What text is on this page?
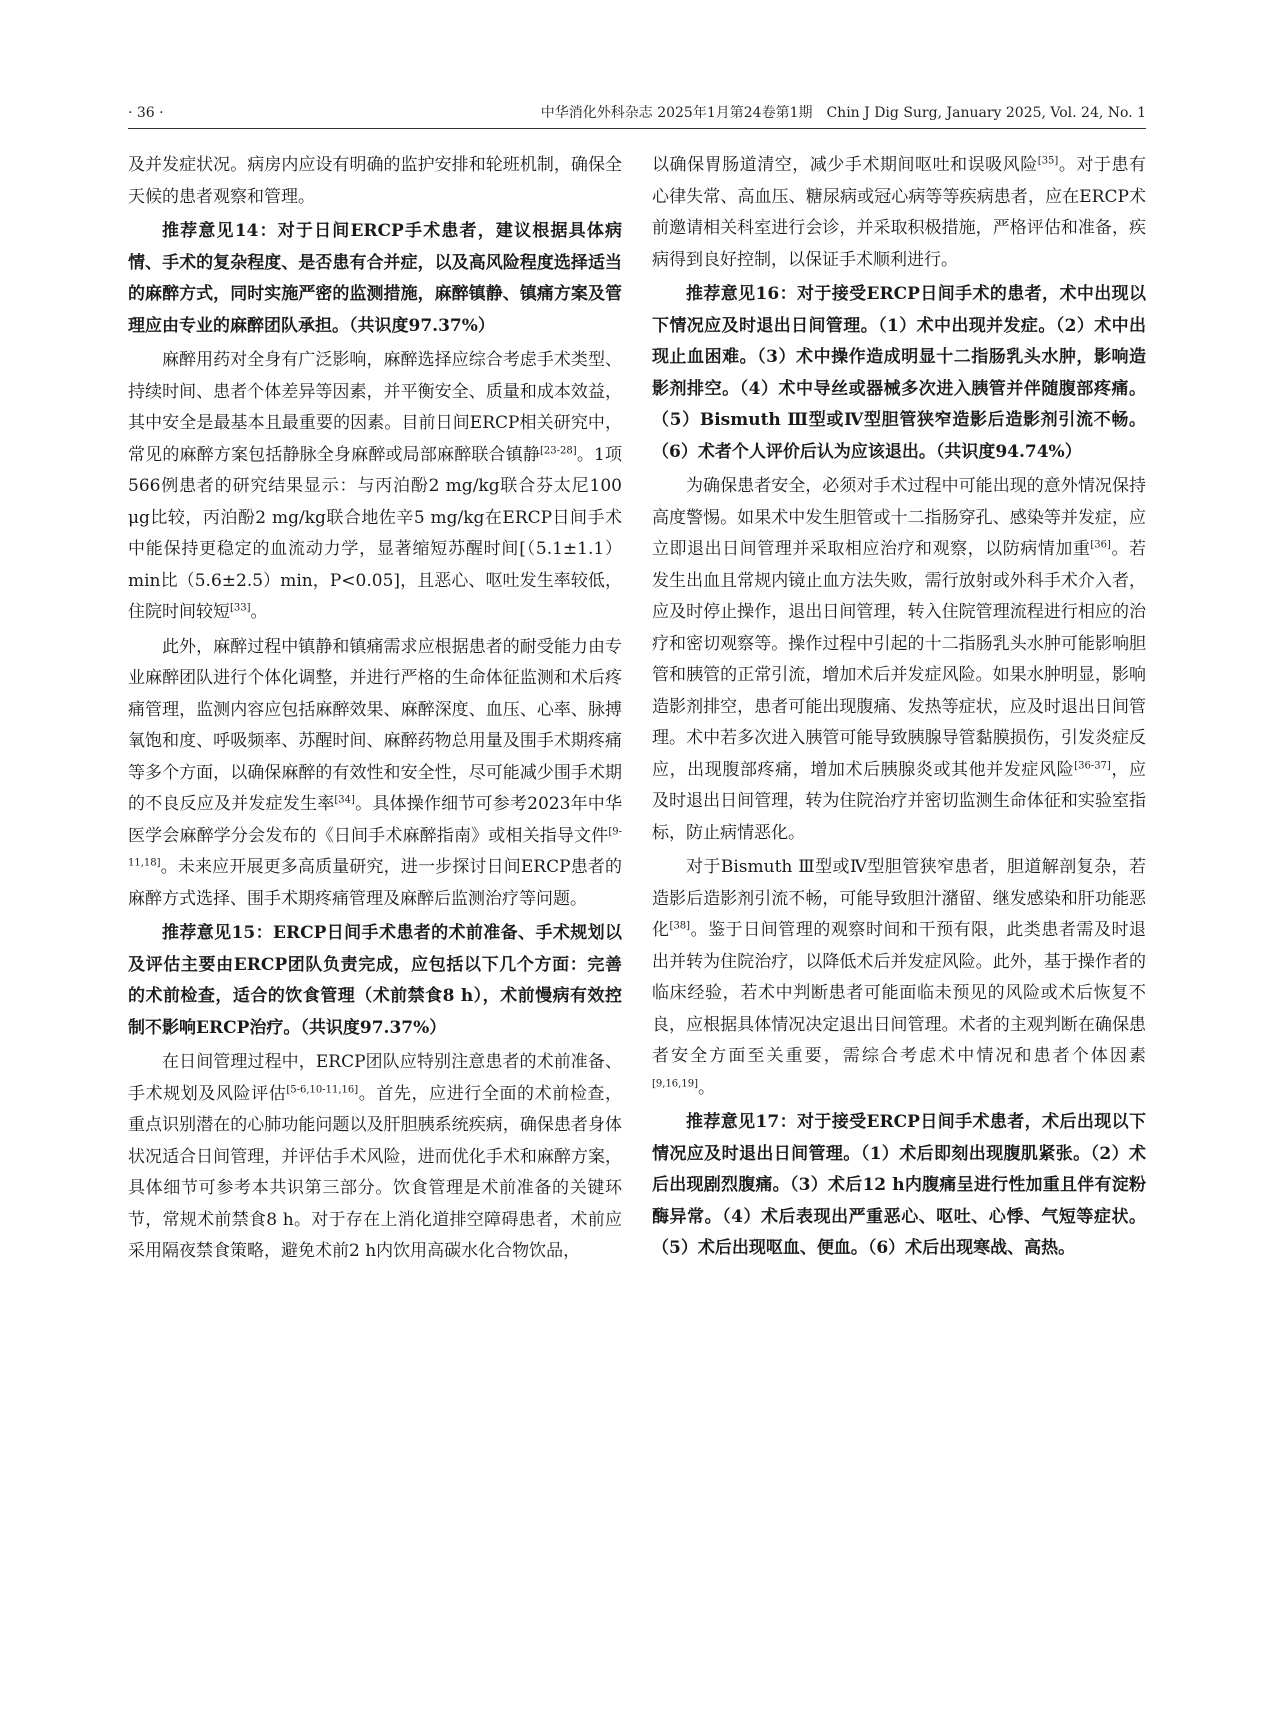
· 36 ·	中华消化外科杂志 2025年1月第24卷第1期　Chin J Dig Surg, January 2025, Vol. 24, No. 1

及并发症状况。病房内应设有明确的监护安排和轮班机制，确保全天候的患者观察和管理。

推荐意见14：对于日间ERCP手术患者，建议根据具体病情、手术的复杂程度、是否患有合并症，以及高风险程度选择适当的麻醉方式，同时实施严密的监测措施，麻醉镇静、镇痛方案及管理应由专业的麻醉团队承担。（共识度97.37%）

麻醉用药对全身有广泛影响，麻醉选择应综合考虑手术类型、持续时间、患者个体差异等因素，并平衡安全、质量和成本效益，其中安全是最基本且最重要的因素。目前日间ERCP相关研究中，常见的麻醉方案包括静脉全身麻醉或局部麻醉联合镇静[23-28]。1项566例患者的研究结果显示：与丙泊酚2 mg/kg联合芬太尼100 μg比较，丙泊酚2 mg/kg联合地佐辛5 mg/kg在ERCP日间手术中能保持更稳定的血流动力学，显著缩短苏醒时间[（5.1±1.1）min比（5.6±2.5）min，P<0.05]，且恶心、呕吐发生率较低，住院时间较短[33]。

此外，麻醉过程中镇静和镇痛需求应根据患者的耐受能力由专业麻醉团队进行个体化调整，并进行严格的生命体征监测和术后疼痛管理，监测内容应包括麻醉效果、麻醉深度、血压、心率、脉搏氧饱和度、呼吸频率、苏醒时间、麻醉药物总用量及围手术期疼痛等多个方面，以确保麻醉的有效性和安全性，尽可能减少围手术期的不良反应及并发症发生率[34]。具体操作细节可参考2023年中华医学会麻醉学分会发布的《日间手术麻醉指南》或相关指导文件[9-11,18]。未来应开展更多高质量研究，进一步探讨日间ERCP患者的麻醉方式选择、围手术期疼痛管理及麻醉后监测治疗等问题。

推荐意见15：ERCP日间手术患者的术前准备、手术规划以及评估主要由ERCP团队负责完成，应包括以下几个方面：完善的术前检查，适合的饮食管理（术前禁食8 h），术前慢病有效控制不影响ERCP治疗。（共识度97.37%）

在日间管理过程中，ERCP团队应特别注意患者的术前准备、手术规划及风险评估[5-6,10-11,16]。首先，应进行全面的术前检查，重点识别潜在的心肺功能问题以及肝胆胰系统疾病，确保患者身体状况适合日间管理，并评估手术风险，进而优化手术和麻醉方案，具体细节可参考本共识第三部分。饮食管理是术前准备的关键环节，常规术前禁食8 h。对于存在上消化道排空障碍患者，术前应采用隔夜禁食策略，避免术前2 h内饮用高碳水化合物饮品，

以确保胃肠道清空，减少手术期间呕吐和误吸风险[35]。对于患有心律失常、高血压、糖尿病或冠心病等等疾病患者，应在ERCP术前邀请相关科室进行会诊，并采取积极措施，严格评估和准备，疾病得到良好控制，以保证手术顺利进行。

推荐意见16：对于接受ERCP日间手术的患者，术中出现以下情况应及时退出日间管理。（1）术中出现并发症。（2）术中出现止血困难。（3）术中操作造成明显十二指肠乳头水肿，影响造影剂排空。（4）术中导丝或器械多次进入胰管并伴随腹部疼痛。（5）Bismuth Ⅲ型或Ⅳ型胆管狭窄造影后造影剂引流不畅。（6）术者个人评价后认为应该退出。（共识度94.74%）

为确保患者安全，必须对手术过程中可能出现的意外情况保持高度警惕。如果术中发生胆管或十二指肠穿孔、感染等并发症，应立即退出日间管理并采取相应治疗和观察，以防病情加重[36]。若发生出血且常规内镜止血方法失败，需行放射或外科手术介入者，应及时停止操作，退出日间管理，转入住院管理流程进行相应的治疗和密切观察等。操作过程中引起的十二指肠乳头水肿可能影响胆管和胰管的正常引流，增加术后并发症风险。如果水肿明显，影响造影剂排空，患者可能出现腹痛、发热等症状，应及时退出日间管理。术中若多次进入胰管可能导致胰腺导管黏膜损伤，引发炎症反应，出现腹部疼痛，增加术后胰腺炎或其他并发症风险[36-37]，应及时退出日间管理，转为住院治疗并密切监测生命体征和实验室指标，防止病情恶化。

对于Bismuth Ⅲ型或Ⅳ型胆管狭窄患者，胆道解剖复杂，若造影后造影剂引流不畅，可能导致胆汁潴留、继发感染和肝功能恶化[38]。鉴于日间管理的观察时间和干预有限，此类患者需及时退出并转为住院治疗，以降低术后并发症风险。此外，基于操作者的临床经验，若术中判断患者可能面临未预见的风险或术后恢复不良，应根据具体情况决定退出日间管理。术者的主观判断在确保患者安全方面至关重要，需综合考虑术中情况和患者个体因素[9,16,19]。

推荐意见17：对于接受ERCP日间手术患者，术后出现以下情况应及时退出日间管理。（1）术后即刻出现腹肌紧张。（2）术后出现剧烈腹痛。（3）术后12 h内腹痛呈进行性加重且伴有淀粉酶异常。（4）术后表现出严重恶心、呕吐、心悸、气短等症状。（5）术后出现呕血、便血。（6）术后出现寒战、高热。
